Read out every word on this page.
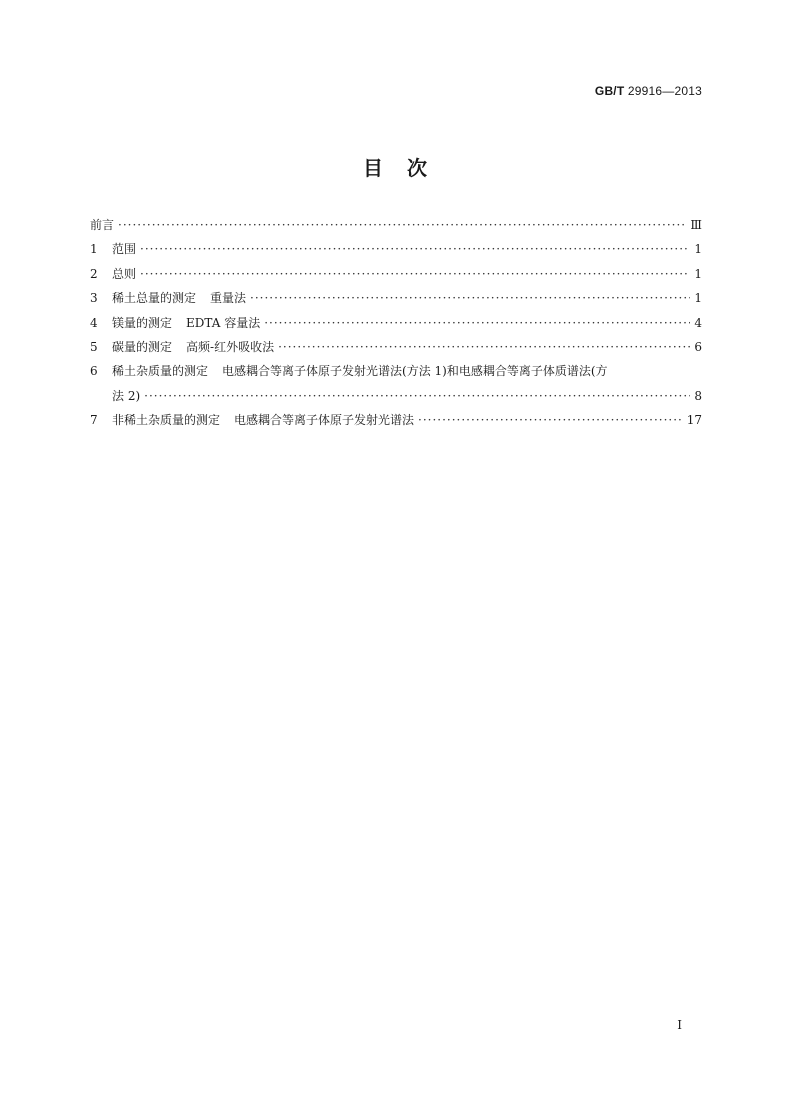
GB/T 29916—2013
目　次
前言 ·····	Ⅲ
1	范围 ·····	1
2	总则 ·····	1
3	稀土总量的测定 重量法 ·····	1
4	镁量的测定 EDTA 容量法 ·····	4
5	碳量的测定 高频-红外吸收法 ·····	6
6	稀土杂质量的测定 电感耦合等离子体原子发射光谱法(方法 1)和电感耦合等离子体质谱法(方
法 2) ·····	8
7	非稀土杂质量的测定 电感耦合等离子体原子发射光谱法 ·····	17
I
